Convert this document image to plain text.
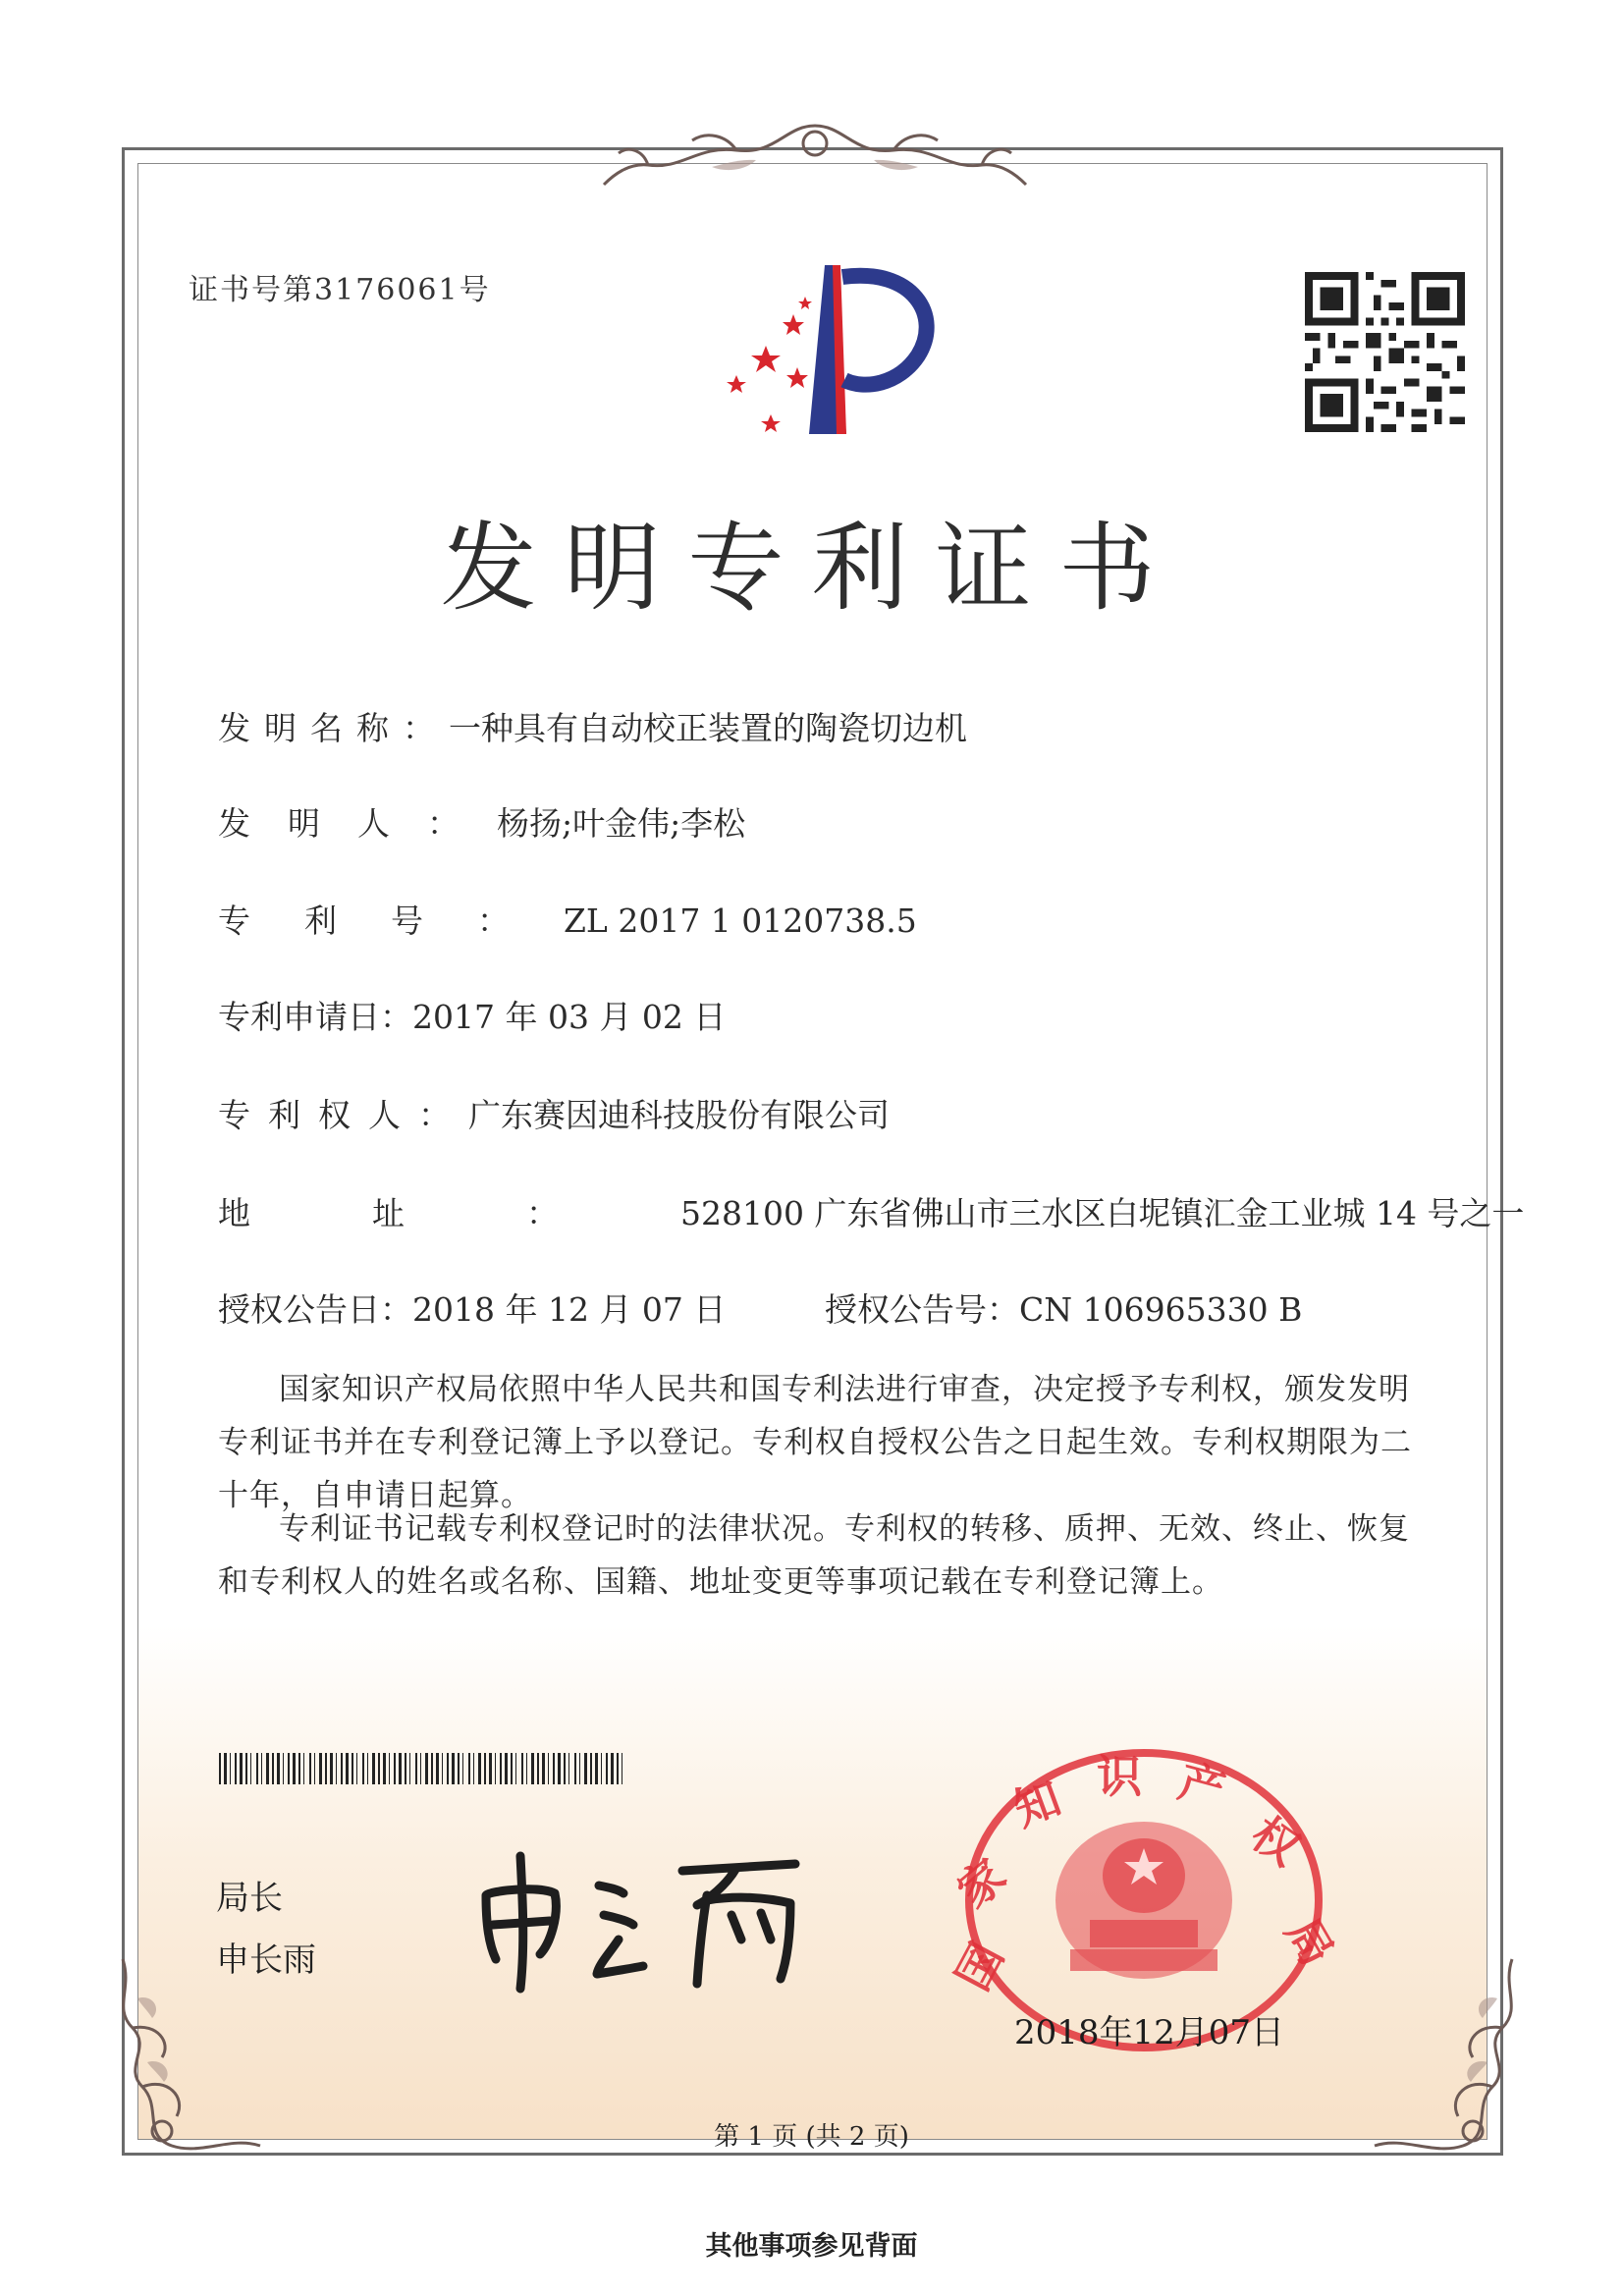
证书号第3176061号
发明专利证书
发明名称：一种具有自动校正装置的陶瓷切边机
发明人：杨扬;叶金伟;李松
专利号：ZL 2017 1 0120738.5
专利申请日：2017 年 03 月 02 日
专利权人：广东赛因迪科技股份有限公司
地址：528100 广东省佛山市三水区白坭镇汇金工业城 14 号之一
授权公告日：2018 年 12 月 07 日	授权公告号：CN 106965330 B
国家知识产权局依照中华人民共和国专利法进行审查，决定授予专利权，颁发发明专利证书并在专利登记簿上予以登记。专利权自授权公告之日起生效。专利权期限为二十年，自申请日起算。
专利证书记载专利权登记时的法律状况。专利权的转移、质押、无效、终止、恢复和专利权人的姓名或名称、国籍、地址变更等事项记载在专利登记簿上。
局长
申长雨	国
家
知 识 产
权
局
2018年12月07日
第 1 页 (共 2 页)
其他事项参见背面
